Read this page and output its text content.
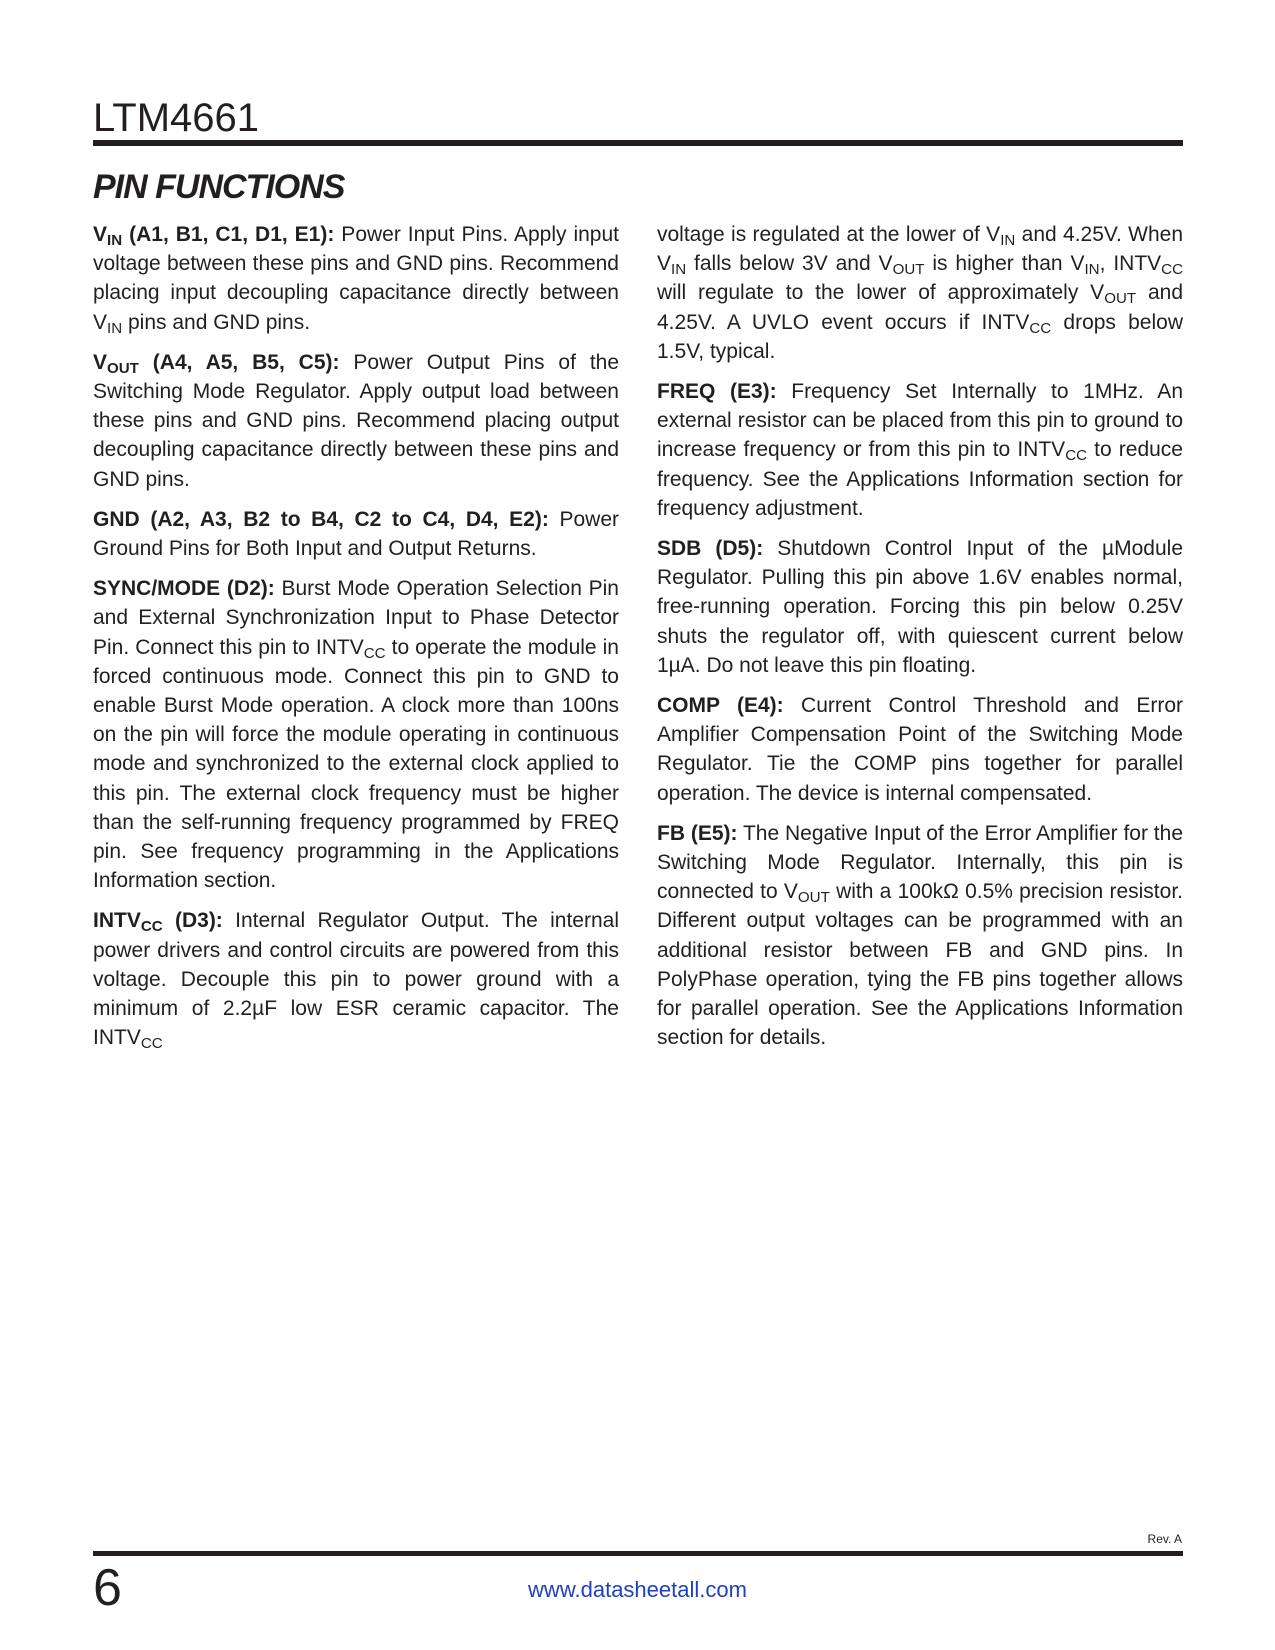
LTM4661
PIN FUNCTIONS

$V_{IN}$ (A1, B1, C1, D1, E1): Power Input Pins. Apply input voltage between these pins and GND pins. Recommend placing input decoupling capacitance directly between $V_{IN}$ pins and GND pins.

$V_{OUT}$ (A4, A5, B5, C5): Power Output Pins of the Switching Mode Regulator. Apply output load between these pins and GND pins. Recommend placing output decoupling capacitance directly between these pins and GND pins.

GND (A2, A3, B2 to B4, C2 to C4, D4, E2): Power Ground Pins for Both Input and Output Returns.

SYNC/MODE (D2): Burst Mode Operation Selection Pin and External Synchronization Input to Phase Detector Pin. Connect this pin to $INTV_{CC}$ to operate the module in forced continuous mode. Connect this pin to GND to enable Burst Mode operation. A clock more than 100ns on the pin will force the module operating in continuous mode and synchronized to the external clock applied to this pin. The external clock frequency must be higher than the self-running frequency programmed by FREQ pin. See frequency programming in the Applications Information section.

$INTV_{CC}$ (D3): Internal Regulator Output. The internal power drivers and control circuits are powered from this voltage. Decouple this pin to power ground with a minimum of 2.2µF low ESR ceramic capacitor. The $INTV_{CC}$

voltage is regulated at the lower of $V_{IN}$ and 4.25V. When $V_{IN}$ falls below 3V and $V_{OUT}$ is higher than $V_{IN}$, $INTV_{CC}$ will regulate to the lower of approximately $V_{OUT}$ and 4.25V. A UVLO event occurs if $INTV_{CC}$ drops below 1.5V, typical.

FREQ (E3): Frequency Set Internally to 1MHz. An external resistor can be placed from this pin to ground to increase frequency or from this pin to $INTV_{CC}$ to reduce frequency. See the Applications Information section for frequency adjustment.

SDB (D5): Shutdown Control Input of the µModule Regulator. Pulling this pin above 1.6V enables normal, free-running operation. Forcing this pin below 0.25V shuts the regulator off, with quiescent current below 1µA. Do not leave this pin floating.

COMP (E4): Current Control Threshold and Error Amplifier Compensation Point of the Switching Mode Regulator. Tie the COMP pins together for parallel operation. The device is internal compensated.

FB (E5): The Negative Input of the Error Amplifier for the Switching Mode Regulator. Internally, this pin is connected to $V_{OUT}$ with a 100kΩ 0.5% precision resistor. Different output voltages can be programmed with an additional resistor between FB and GND pins. In PolyPhase operation, tying the FB pins together allows for parallel operation. See the Applications Information section for details.

Rev. A
6	www.datasheetall.com
